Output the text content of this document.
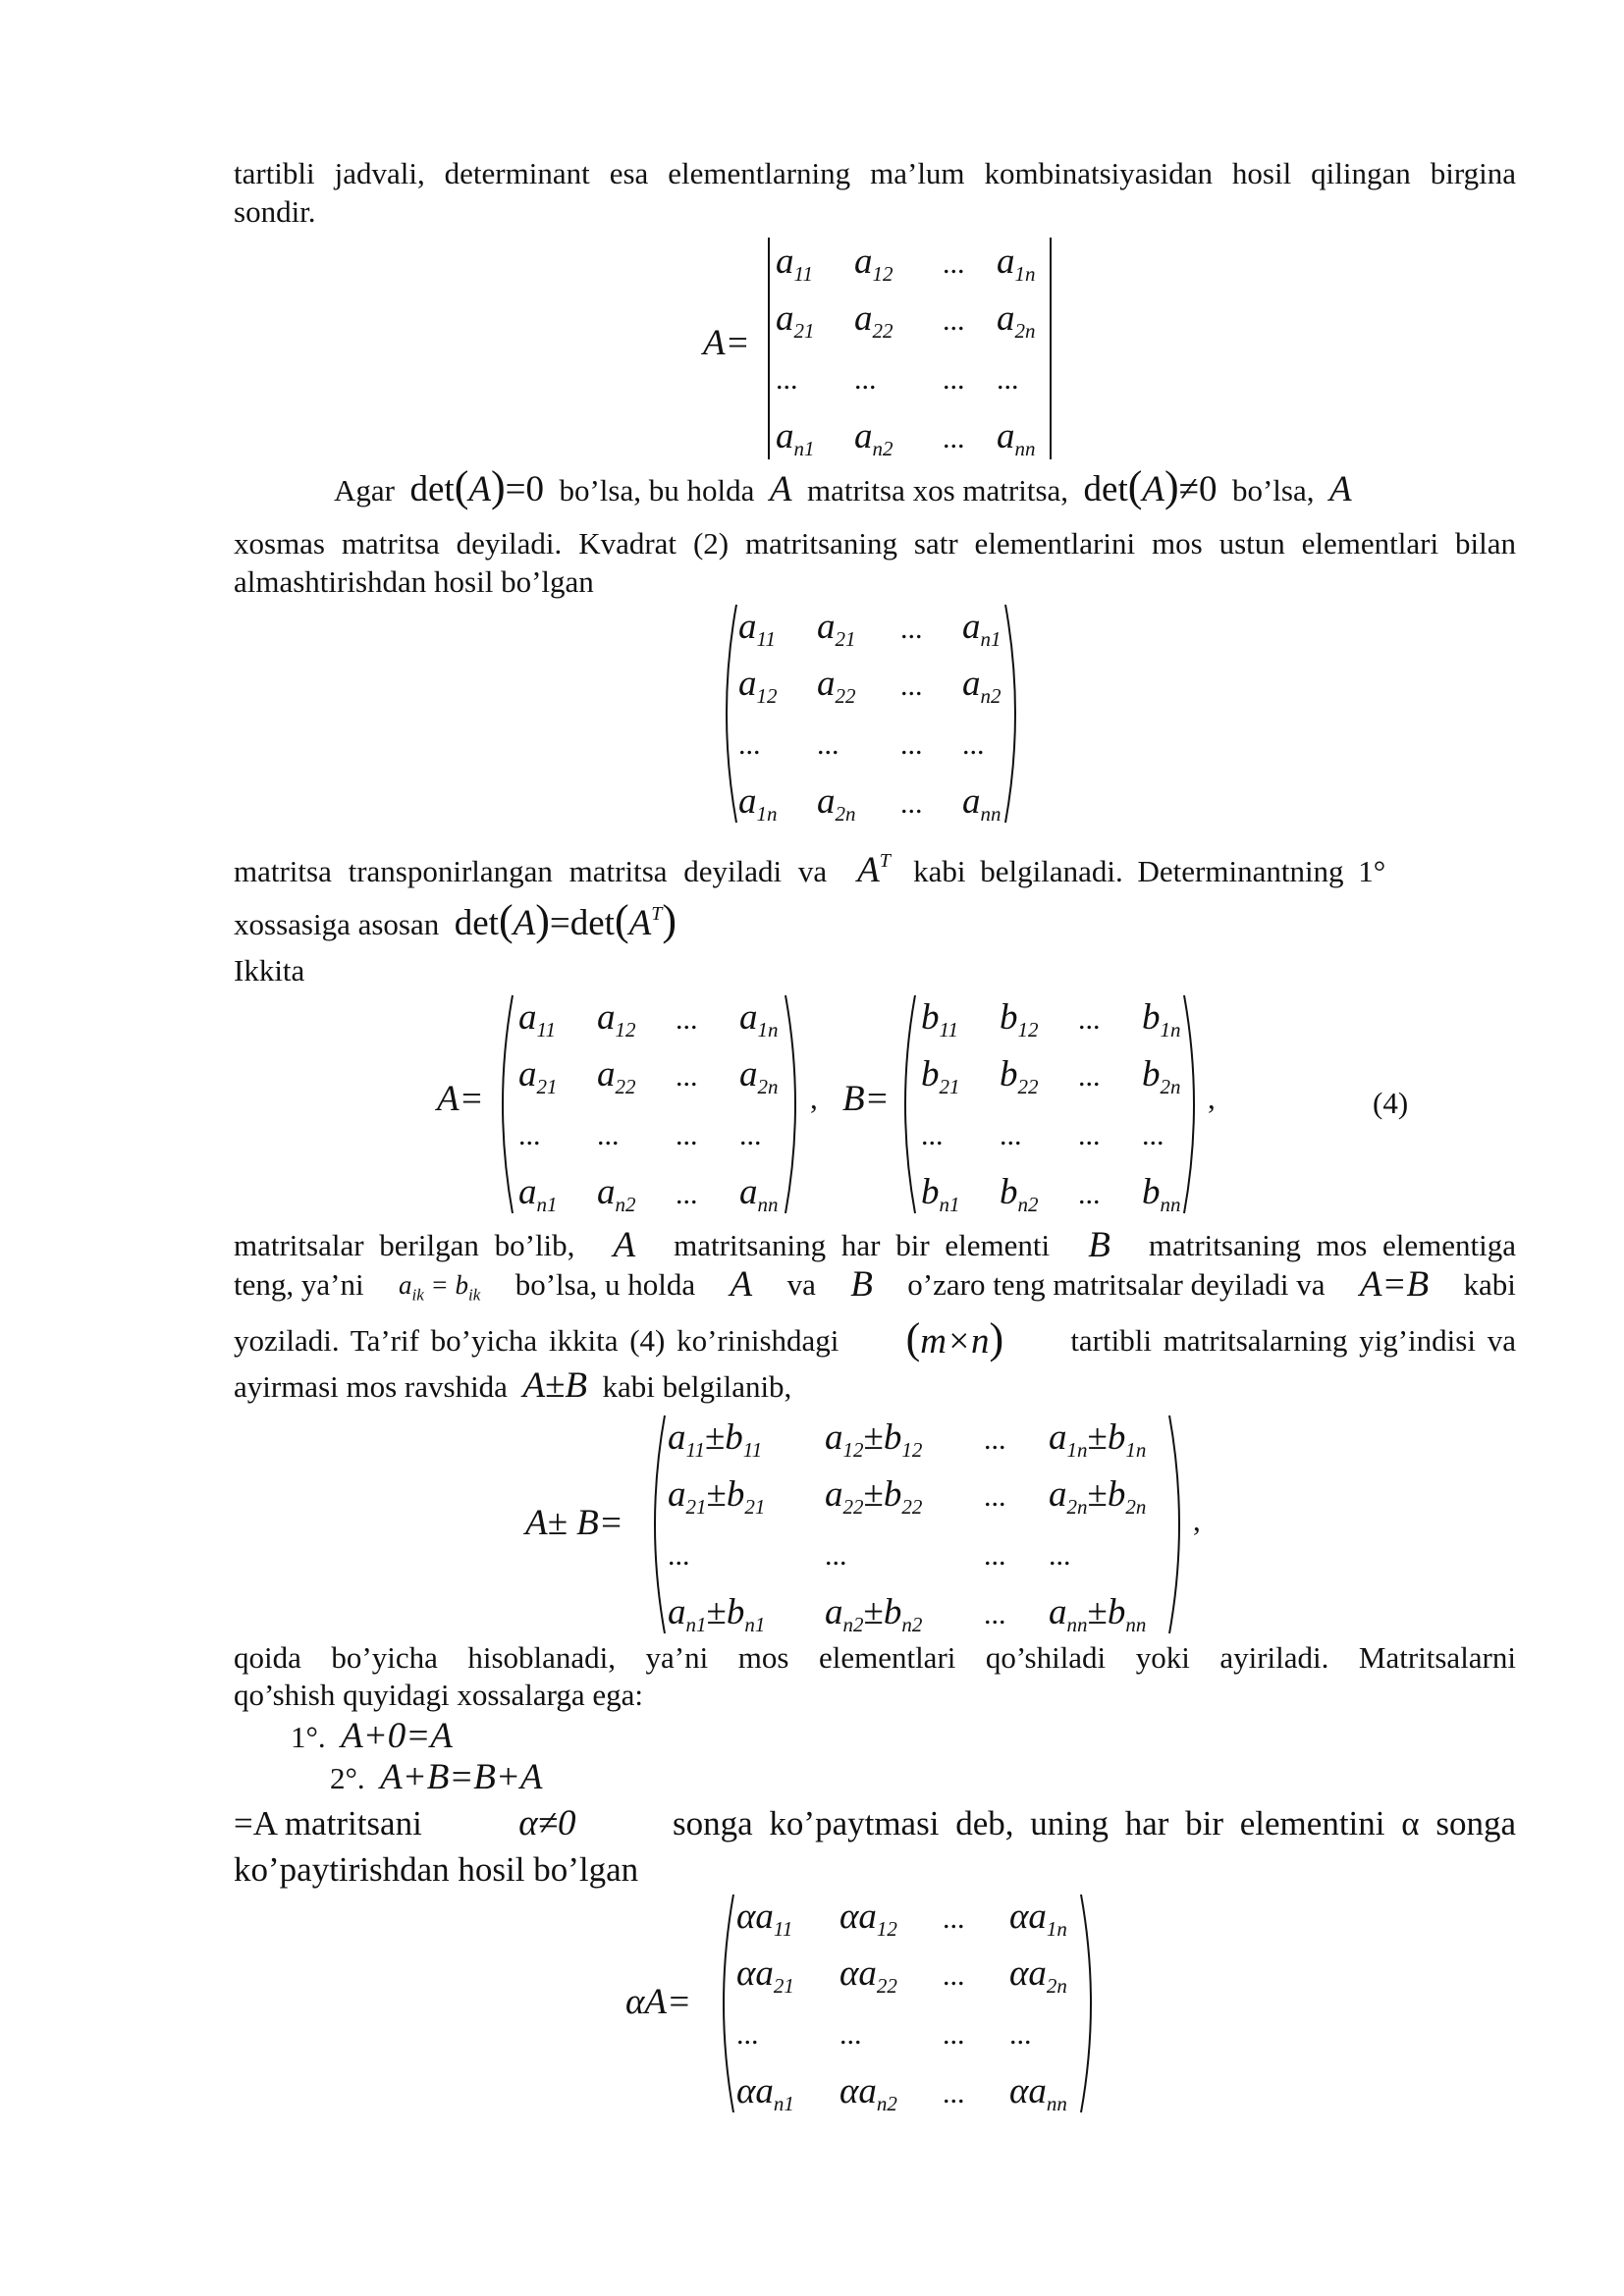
tartibli jadvali, determinant esa elementlarning ma’lum kombinatsiyasidan hosil qilingan birgina
sondir.
A=
$a_{11}$ $a_{12}$ ... $a_{1n}$
$a_{21}$ $a_{22}$ ... $a_{2n}$
... ... ... ...
$a_{n1}$ $a_{n2}$ ... $a_{nn}$
Agar det(A)=0 bo’lsa, bu holda A matritsa xos matritsa, det(A)≠0 bo’lsa, A
xosmas matritsa deyiladi. Kvadrat (2) matritsaning satr elementlarini mos ustun elementlari bilan
almashtirishdan hosil bo’lgan
$a_{11}$ $a_{21}$ ... $a_{n1}$
$a_{12}$ $a_{22}$ ... $a_{n2}$
... ... ... ...
$a_{1n}$ $a_{2n}$ ... $a_{nn}$
matritsa transponirlangan matritsa deyiladi va $A^T$ kabi belgilanadi. Determinantning 1°
xossasiga asosan $\det(A)=\det(A^T)$
Ikkita
A=
$a_{11}$ $a_{12}$ ... $a_{1n}$
$a_{21}$ $a_{22}$ ... $a_{2n}$
... ... ... ...
$a_{n1}$ $a_{n2}$ ... $a_{nn}$
, B=
$b_{11}$ $b_{12}$ ... $b_{1n}$
$b_{21}$ $b_{22}$ ... $b_{2n}$
... ... ... ...
$b_{n1}$ $b_{n2}$ ... $b_{nn}$
,	(4)
matritsalar berilgan bo’lib, A matritsaning har bir elementi B matritsaning mos elementiga
teng, ya’ni $a_{ik} = b_{ik}$ bo’lsa, u holda A va B o’zaro teng matritsalar deyiladi va A=B kabi
yoziladi. Ta’rif bo’yicha ikkita (4) ko’rinishdagi (m×n) tartibli matritsalarning yig’indisi va
ayirmasi mos ravshida A±B kabi belgilanib,
A± B=
$a_{11}\pm b_{11}$ $a_{12}\pm b_{12}$ ... $a_{1n}\pm b_{1n}$
$a_{21}\pm b_{21}$ $a_{22}\pm b_{22}$ ... $a_{2n}\pm b_{2n}$
...	...	... ...
$a_{n1}\pm b_{n1}$ $a_{n2}\pm b_{n2}$ ... $a_{nn}\pm b_{nn}$
,
qoida bo’yicha hisoblanadi, ya’ni mos elementlari qo’shiladi yoki ayiriladi. Matritsalarni
qo’shish quyidagi xossalarga ega:
1°. A+0=A
2°. A+B=B+A
=A matritsani	α≠0	songa ko’paytmasi deb, uning har bir elementini α songa
ko’paytirishdan hosil bo’lgan
αA=
$\alpha a_{11}$ $\alpha a_{12}$ ... $\alpha a_{1n}$
$\alpha a_{21}$ $\alpha a_{22}$ ... $\alpha a_{2n}$
...	...	... ...
$\alpha a_{n1}$ $\alpha a_{n2}$ ... $\alpha a_{nn}$
